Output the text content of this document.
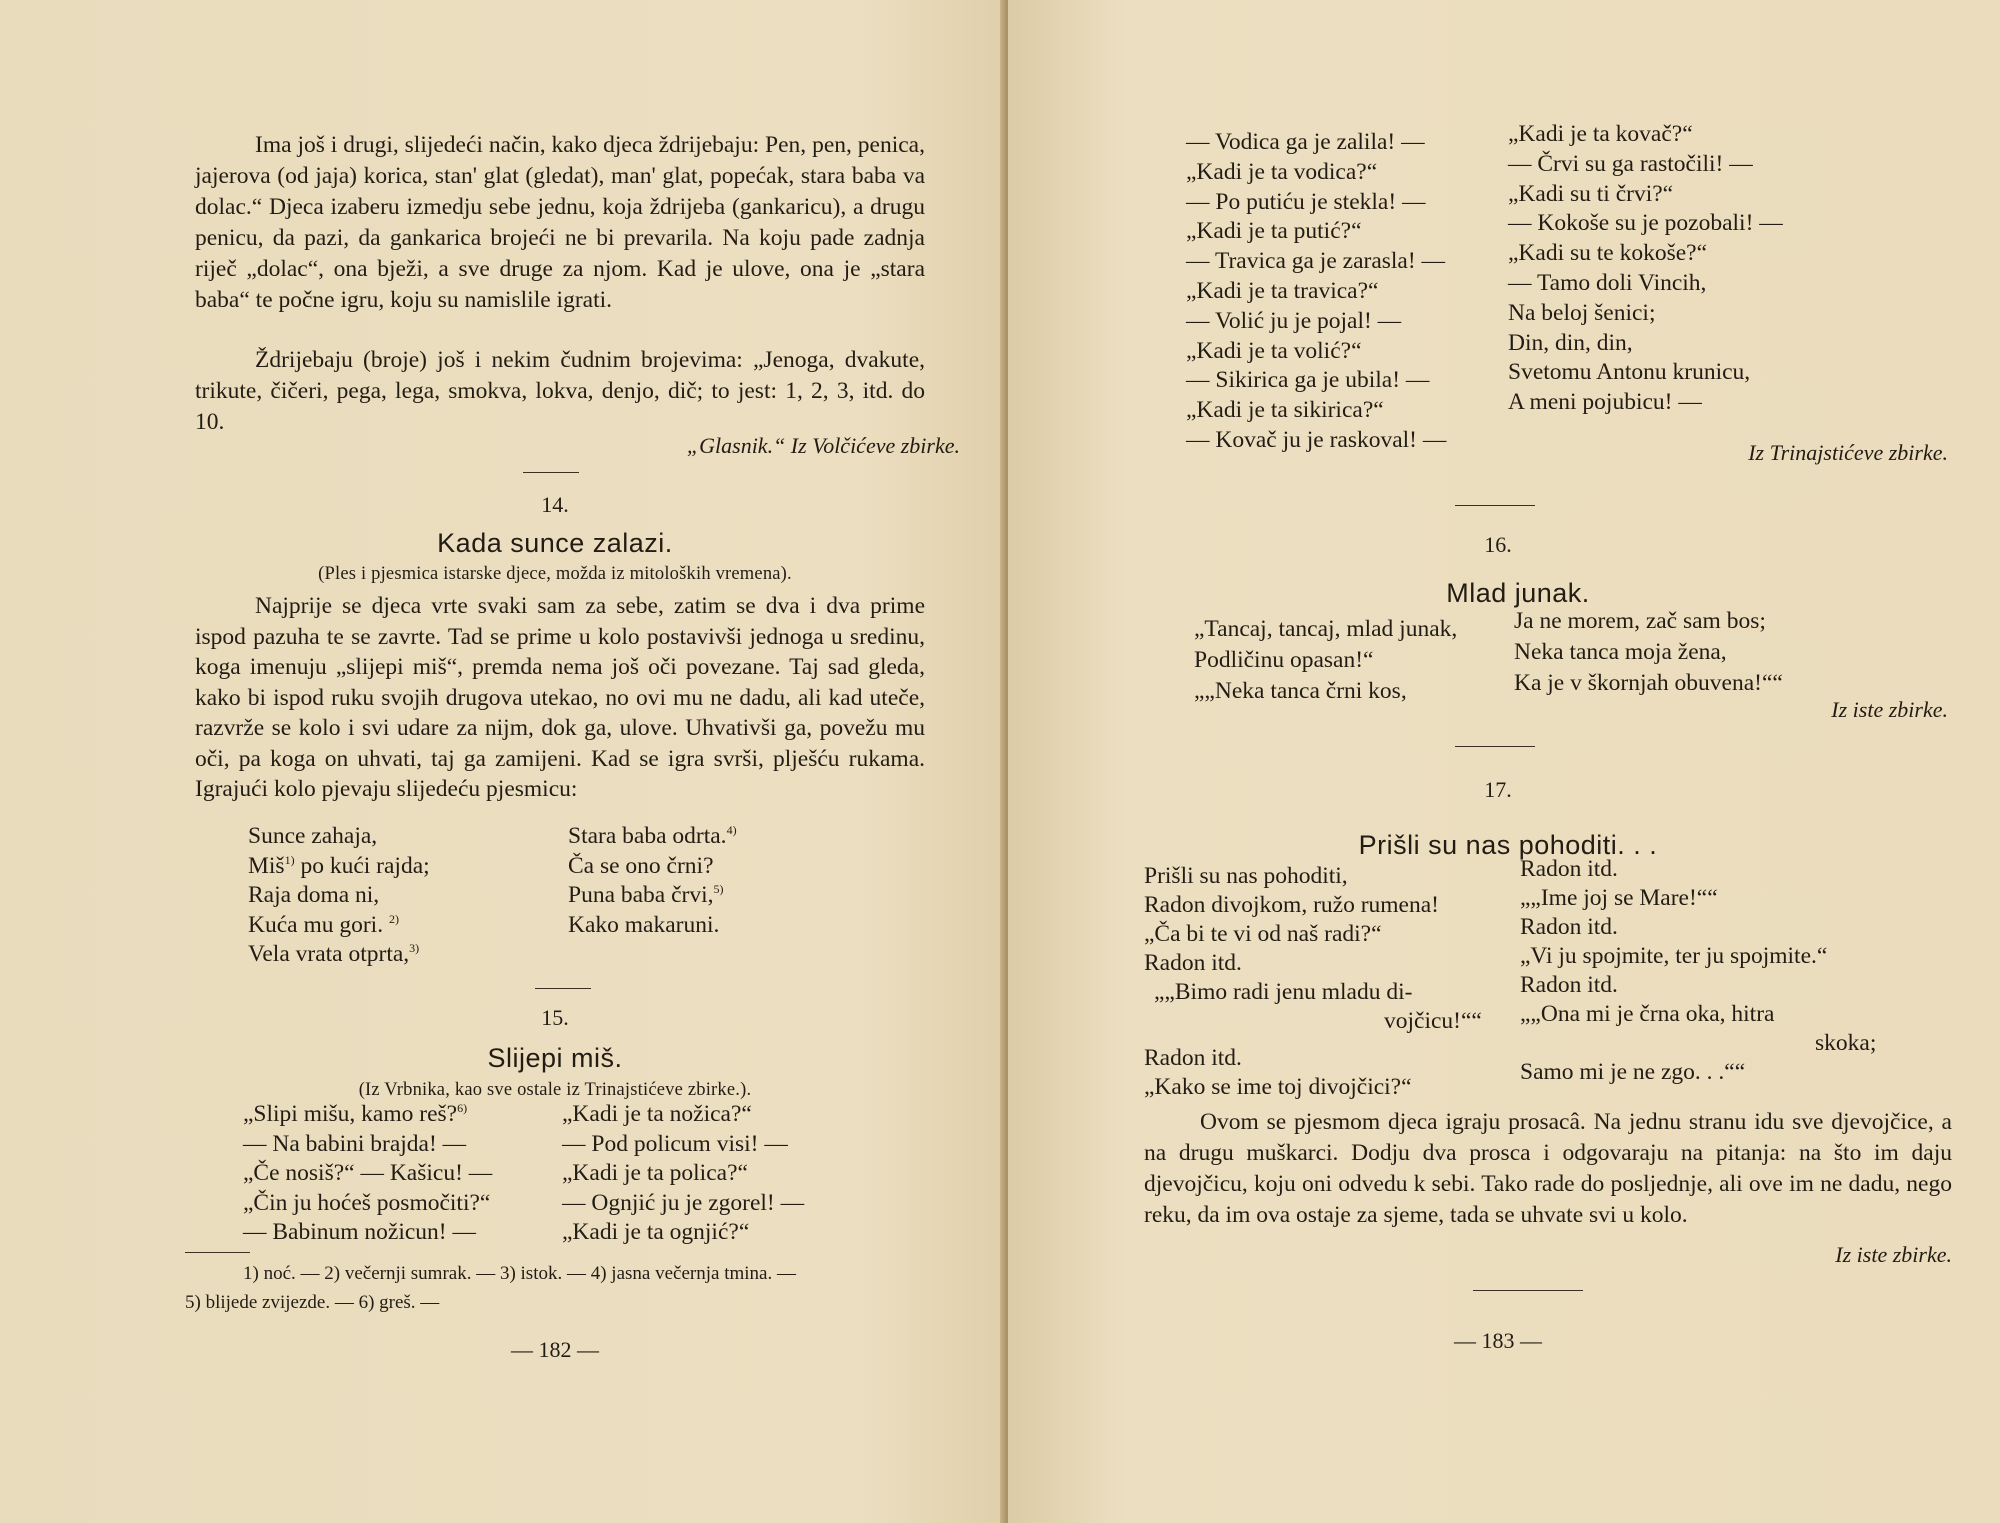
Ima još i drugi, slijedeći način, kako djeca ždrijebaju: Pen, pen, penica, jajerova (od jaja) korica, stan' glat (gledat), man' glat, popećak, stara baba va dolac.“ Djeca izaberu izmedju sebe jednu, koja ždrijeba (gankaricu), a drugu penicu, da pazi, da gankarica brojeći ne bi prevarila. Na koju pade zadnja riječ „dolac“, ona bježi, a sve druge za njom. Kad je ulove, ona je „stara baba“ te počne igru, koju su namislile igrati.

Ždrijebaju (broje) još i nekim čudnim brojevima: „Jenoga, dvakute, trikute, čičeri, pega, lega, smokva, lokva, denjo, dič; to jest: 1, 2, 3, itd. do 10.

„Glasnik.“ Iz Volčićeve zbirke.
14.
Kada sunce zalazi.
(Ples i pjesmica istarske djece, možda iz mitoloških vremena).

Najprije se djeca vrte svaki sam za sebe, zatim se dva i dva prime ispod pazuha te se zavrte. Tad se prime u kolo postavivši jednoga u sredinu, koga imenuju „slijepi miš“, premda nema još oči povezane. Taj sad gleda, kako bi ispod ruku svojih drugova utekao, no ovi mu ne dadu, ali kad uteče, razvrže se kolo i svi udare za nijm, dok ga, ulove. Uhvativši ga, povežu mu oči, pa koga on uhvati, taj ga zamijeni. Kad se igra svrši, plješću rukama. Igrajući kolo pjevaju slijedeću pjesmicu:

Sunce zahaja,
Miš$^{1)}$ po kući rajda;
Raja doma ni,
Kuća mu gori. $^{2)}$
Vela vrata otprta,$^{3)}$
Stara baba odrta.$^{4)}$
Ča se ono črni?
Puna baba črvi,$^{5)}$
Kako makaruni.
15.
Slijepi miš.
(Iz Vrbnika, kao sve ostale iz Trinajstićeve zbirke.).
„Slipi mišu, kamo reš?$^{6)}$
— Na babini brajda! —
„Če nosiš?“ — Kašicu! —
„Čin ju hoćeš posmočiti?“
— Babinum nožicun! —
„Kadi je ta nožica?“
— Pod policum visi! —
„Kadi je ta polica?“
— Ognjić ju je zgorel! —
„Kadi je ta ognjić?“
1) noć. — 2) večernji sumrak. — 3) istok. — 4) jasna večernja tmina. —
5) blijede zvijezde. — 6) greš. —
— 182 —
— Vodica ga je zalila! —
„Kadi je ta vodica?“
— Po putiću je stekla! —
„Kadi je ta putić?“
— Travica ga je zarasla! —
„Kadi je ta travica?“
— Volić ju je pojal! —
„Kadi je ta volić?“
— Sikirica ga je ubila! —
„Kadi je ta sikirica?“
— Kovač ju je raskoval! —
„Kadi je ta kovač?“
— Črvi su ga rastočili! —
„Kadi su ti črvi?“
— Kokoše su je pozobali! —
„Kadi su te kokoše?“
— Tamo doli Vincih,
Na beloj šenici;
Din, din, din,
Svetomu Antonu krunicu,
A meni pojubicu! —
Iz Trinajstićeve zbirke.
16.
Mlad junak.
„Tancaj, tancaj, mlad junak,
Podličinu opasan!“
„„Neka tanca črni kos,
Ja ne morem, zač sam bos;
Neka tanca moja žena,
Ka je v škornjah obuvena!““
Iz iste zbirke.
17.
Prišli su nas pohoditi. . .
Prišli su nas pohoditi,
Radon divojkom, ružo rumena!
„Ča bi te vi od naš radi?“
Radon itd.
„„Bimo radi jenu mladu di-
vojčicu!““
Radon itd.
„Kako se ime toj divojčici?“
Radon itd.
„„Ime joj se Mare!““
Radon itd.
„Vi ju spojmite, ter ju spojmite.“
Radon itd.
„„Ona mi je črna oka, hitra
skoka;
Samo mi je ne zgo. . .““

Ovom se pjesmom djeca igraju prosacâ. Na jednu stranu idu sve djevojčice, a na drugu muškarci. Dodju dva prosca i odgovaraju na pitanja: na što im daju djevojčicu, koju oni odvedu k sebi. Tako rade do posljednje, ali ove im ne dadu, nego reku, da im ova ostaje za sjeme, tada se uhvate svi u kolo.

Iz iste zbirke.
— 183 —
